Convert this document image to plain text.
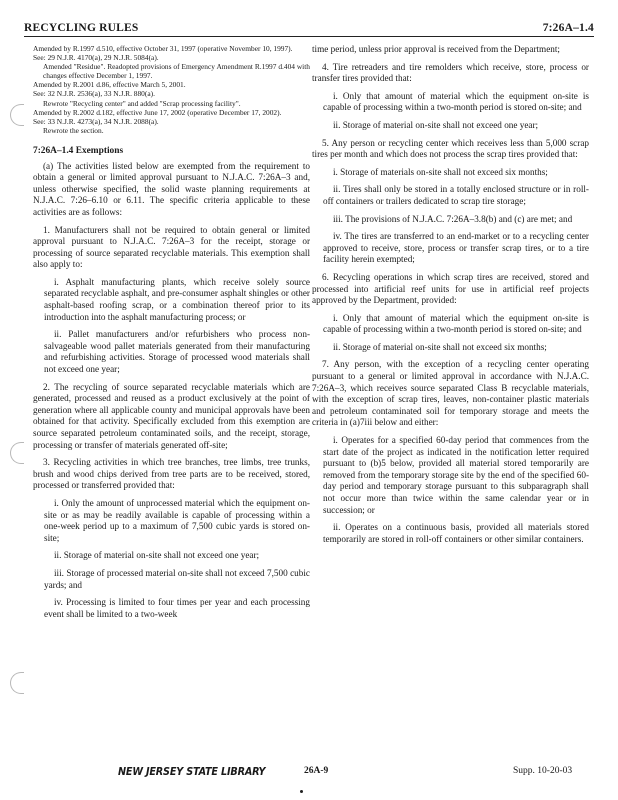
RECYCLING RULES	7:26A–1.4
Amended by R.1997 d.510, effective October 31, 1997 (operative November 10, 1997).
See: 29 N.J.R. 4170(a), 29 N.J.R. 5084(a).
Amended "Residue". Readopted provisions of Emergency Amendment R.1997 d.404 with changes effective December 1, 1997.
Amended by R.2001 d.86, effective March 5, 2001.
See: 32 N.J.R. 2536(a), 33 N.J.R. 880(a).
Rewrote "Recycling center" and added "Scrap processing facility".
Amended by R.2002 d.182, effective June 17, 2002 (operative December 17, 2002).
See: 33 N.J.R. 4273(a), 34 N.J.R. 2088(a).
Rewrote the section.
7:26A–1.4 Exemptions

(a) The activities listed below are exempted from the requirement to obtain a general or limited approval pursuant to N.J.A.C. 7:26A–3 and, unless otherwise specified, the solid waste planning requirements at N.J.A.C. 7:26–6.10 or 6.11. The specific criteria applicable to these activities are as follows:

1. Manufacturers shall not be required to obtain general or limited approval pursuant to N.J.A.C. 7:26A–3 for the receipt, storage or processing of source separated recyclable materials. This exemption shall also apply to:

i. Asphalt manufacturing plants, which receive solely source separated recyclable asphalt, and pre-consumer asphalt shingles or other asphalt-based roofing scrap, or a combination thereof prior to its introduction into the asphalt manufacturing process; or

ii. Pallet manufacturers and/or refurbishers who process non-salvageable wood pallet materials generated from their manufacturing and refurbishing activities. Storage of processed wood materials shall not exceed one year;

2. The recycling of source separated recyclable materials which are generated, processed and reused as a product exclusively at the point of generation where all applicable county and municipal approvals have been obtained for that activity. Specifically excluded from this exemption are source separated petroleum contaminated soils, and the receipt, storage, processing or transfer of materials generated off-site;

3. Recycling activities in which tree branches, tree limbs, tree trunks, brush and wood chips derived from tree parts are to be received, stored, processed or transferred provided that:

i. Only the amount of unprocessed material which the equipment on-site or as may be readily available is capable of processing within a one-week period up to a maximum of 7,500 cubic yards is stored on-site;

ii. Storage of material on-site shall not exceed one year;

iii. Storage of processed material on-site shall not exceed 7,500 cubic yards; and

iv. Processing is limited to four times per year and each processing event shall be limited to a two-week

time period, unless prior approval is received from the Department;

4. Tire retreaders and tire remolders which receive, store, process or transfer tires provided that:

i. Only that amount of material which the equipment on-site is capable of processing within a two-month period is stored on-site; and

ii. Storage of material on-site shall not exceed one year;

5. Any person or recycling center which receives less than 5,000 scrap tires per month and which does not process the scrap tires provided that:

i. Storage of materials on-site shall not exceed six months;

ii. Tires shall only be stored in a totally enclosed structure or in roll-off containers or trailers dedicated to scrap tire storage;

iii. The provisions of N.J.A.C. 7:26A–3.8(b) and (c) are met; and

iv. The tires are transferred to an end-market or to a recycling center approved to receive, store, process or transfer scrap tires, or to a tire facility herein exempted;

6. Recycling operations in which scrap tires are received, stored and processed into artificial reef units for use in artificial reef projects approved by the Department, provided:

i. Only that amount of material which the equipment on-site is capable of processing within a two-month period is stored on-site; and

ii. Storage of material on-site shall not exceed six months;

7. Any person, with the exception of a recycling center operating pursuant to a general or limited approval in accordance with N.J.A.C. 7:26A–3, which receives source separated Class B recyclable materials, with the exception of scrap tires, leaves, non-container plastic materials and petroleum contaminated soil for temporary storage and meets the criteria in (a)7iii below and either:

i. Operates for a specified 60-day period that commences from the start date of the project as indicated in the notification letter required pursuant to (b)5 below, provided all material stored temporarily are removed from the temporary storage site by the end of the specified 60-day period and temporary storage pursuant to this subparagraph shall not occur more than twice within the same calendar year or in succession; or

ii. Operates on a continuous basis, provided all materials stored temporarily are stored in roll-off containers or other similar containers.

NEW JERSEY STATE LIBRARY	26A-9	Supp. 10-20-03
